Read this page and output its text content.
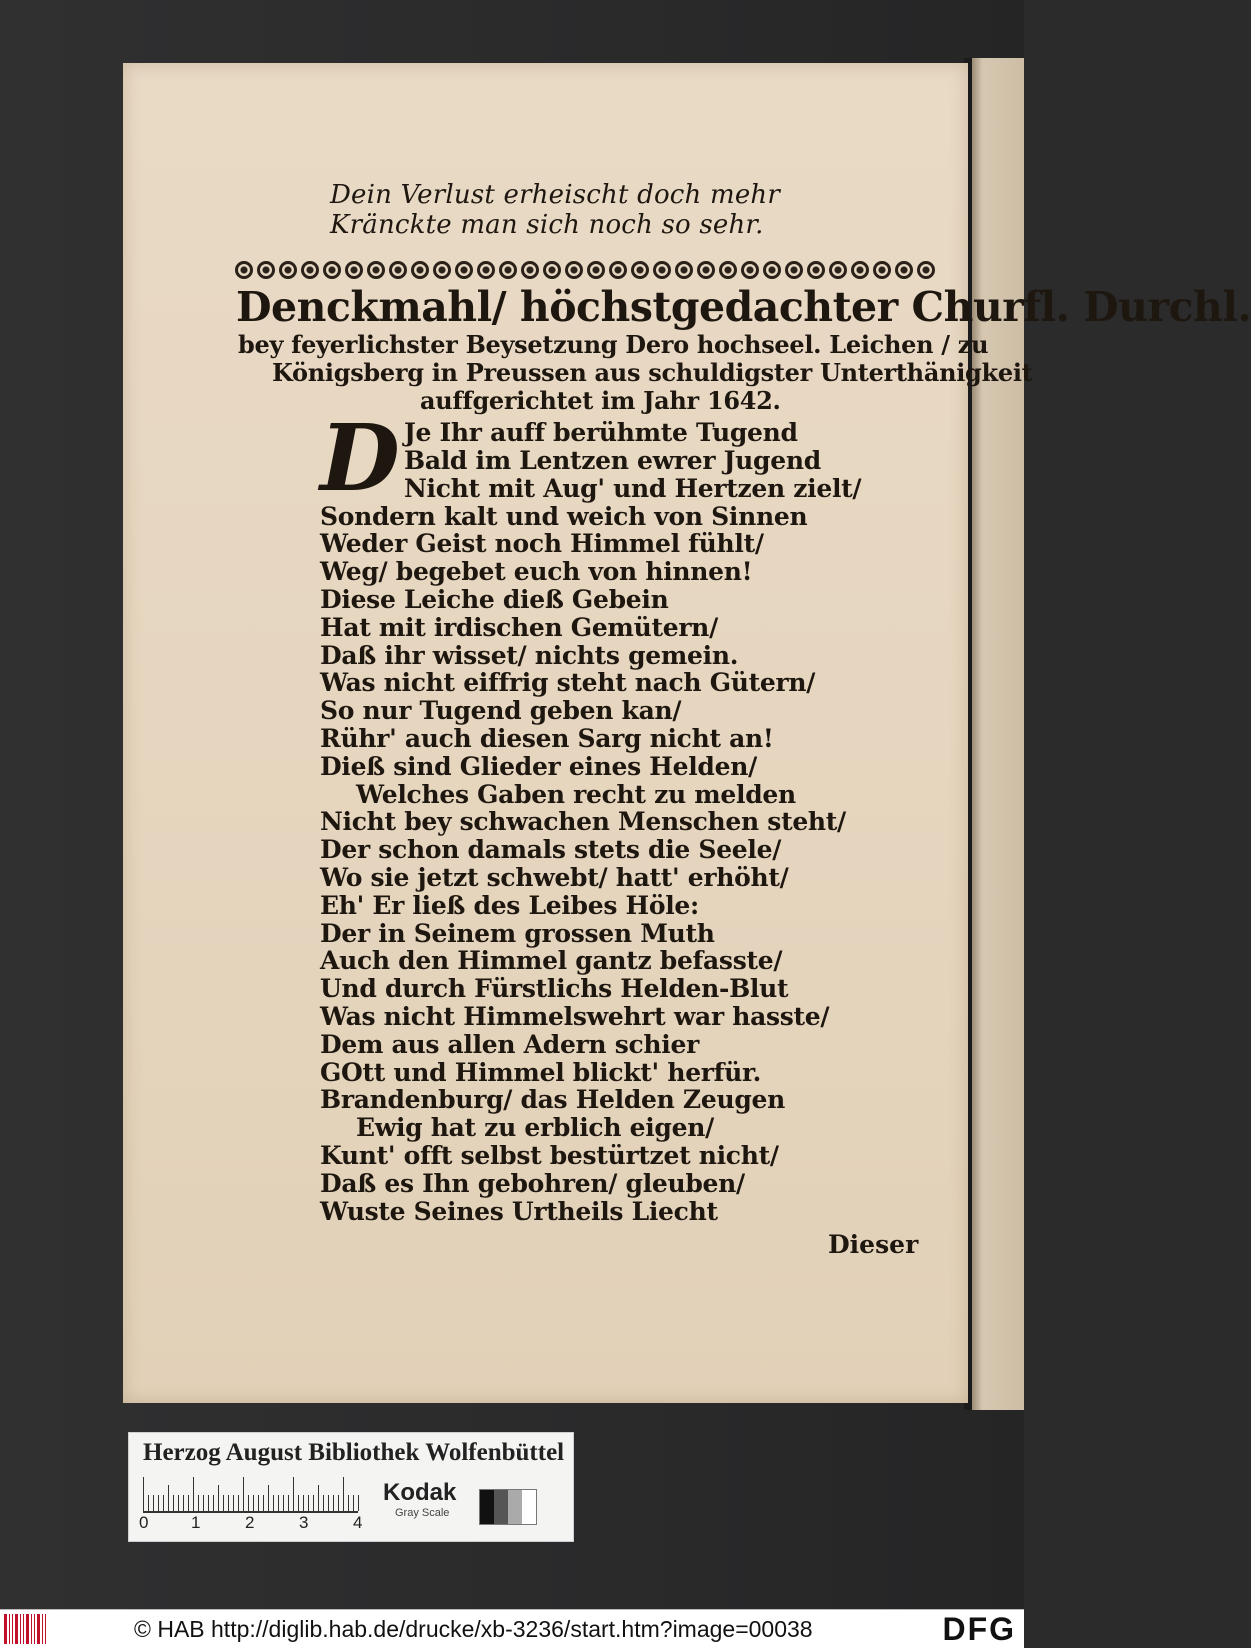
Dein Verlust erheischt doch mehr
Kränckte man sich noch so sehr.
Denckmahl/ höchstgedachter Churfl. Durchl.
bey feyerlichster Beysetzung Dero hochseel. Leichen / zu
Königsberg in Preussen aus schuldigster Unterthänigkeit
auffgerichtet im Jahr 1642.
D Je Ihr auff berühmte Tugend
Bald im Lentzen ewrer Jugend
Nicht mit Aug' und Hertzen zielt/
Sondern kalt und weich von Sinnen
Weder Geist noch Himmel fühlt/
Weg/ begebet euch von hinnen!
Diese Leiche dieß Gebein
Hat mit irdischen Gemütern/
Daß ihr wisset/ nichts gemein.
Was nicht eiffrig steht nach Gütern/
So nur Tugend geben kan/
Rühr' auch diesen Sarg nicht an!
Dieß sind Glieder eines Helden/
Welches Gaben recht zu melden
Nicht bey schwachen Menschen steht/
Der schon damals stets die Seele/
Wo sie jetzt schwebt/ hatt' erhöht/
Eh' Er ließ des Leibes Höle:
Der in Seinem grossen Muth
Auch den Himmel gantz befasste/
Und durch Fürstlichs Helden-Blut
Was nicht Himmelswehrt war hasste/
Dem aus allen Adern schier
GOtt und Himmel blickt' herfür.
Brandenburg/ das Helden Zeugen
Ewig hat zu erblich eigen/
Kunt' offt selbst bestürtzet nicht/
Daß es Ihn gebohren/ gleuben/
Wuste Seines Urtheils Liecht
Dieser
Herzog August Bibliothek Wolfenbüttel
0	1	2	3	4
Kodak
Gray Scale
© HAB http://diglib.hab.de/drucke/xb-3236/start.htm?image=00038	DFG
